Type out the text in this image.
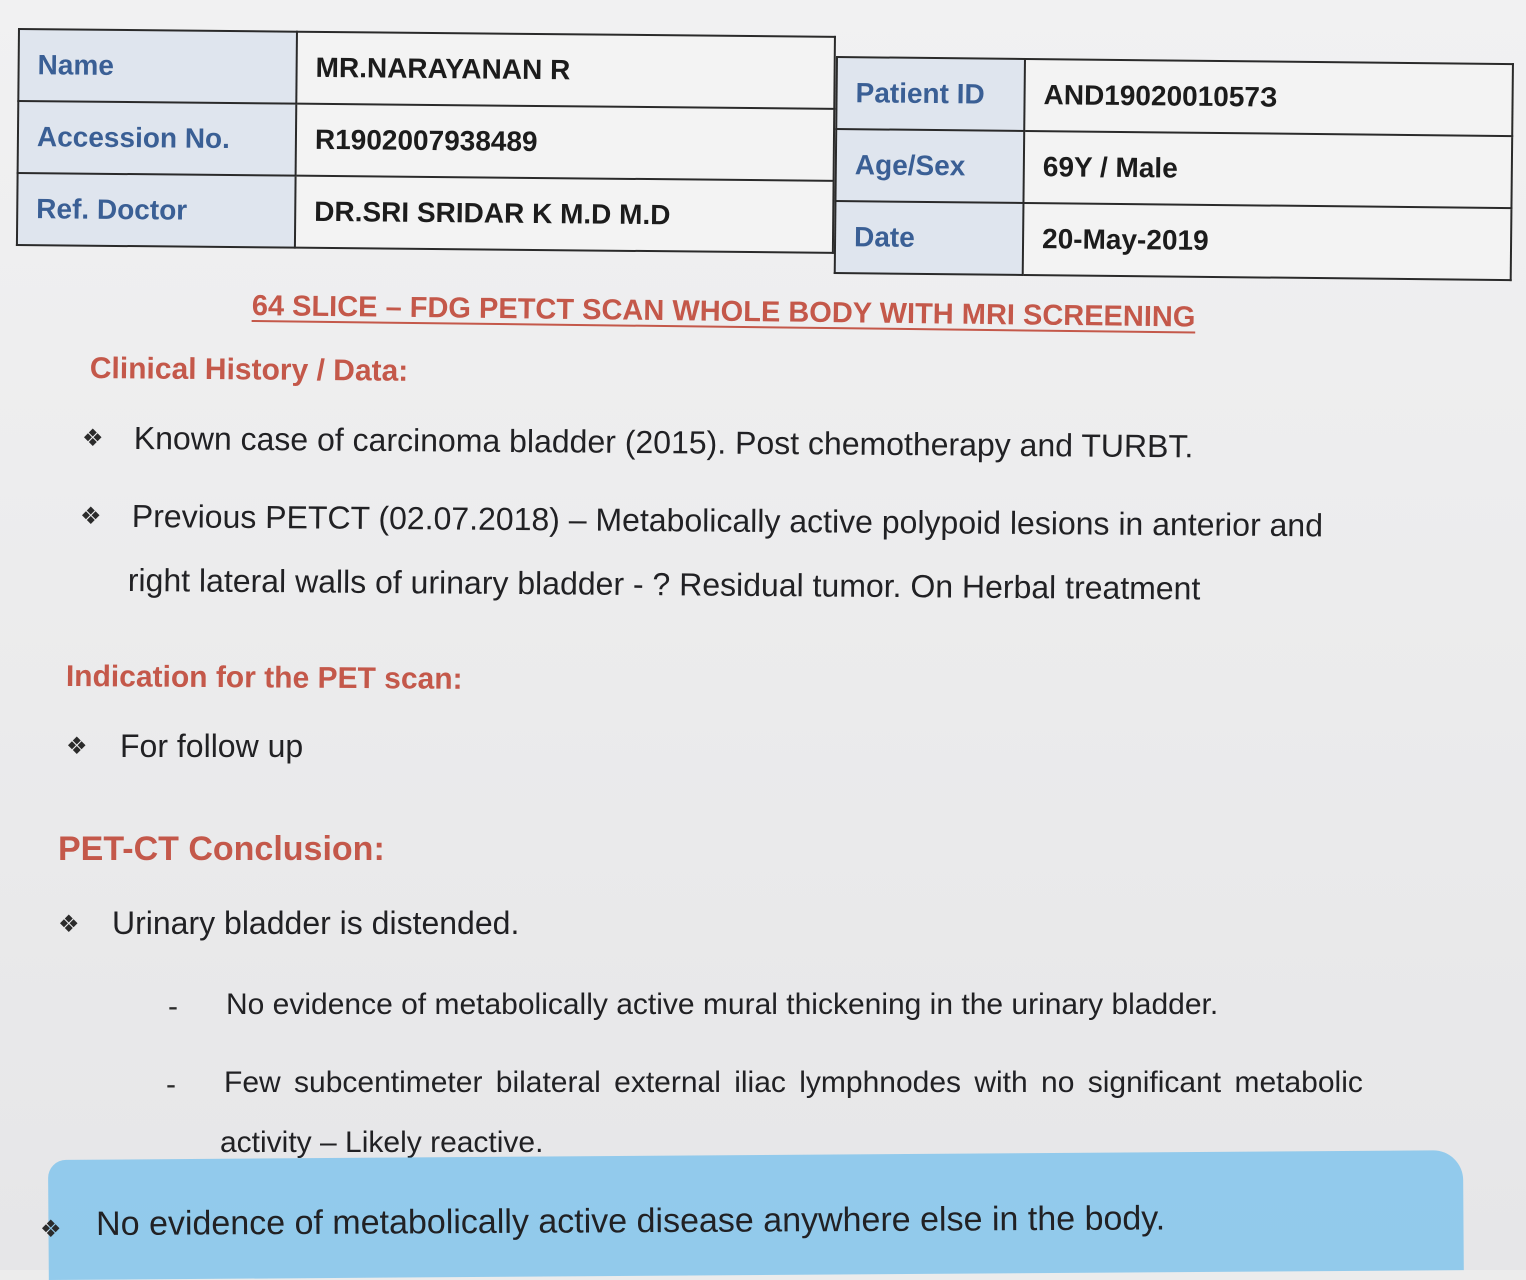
Name	MR.NARAYANAN R
Accession No.	R1902007938489
Ref. Doctor	DR.SRI SRIDAR K M.D M.D
Patient ID	AND1902001057З
Age/Sex	69Y / Male
Date	20-May-2019
64 SLICE – FDG PETCT SCAN WHOLE BODY WITH MRI SCREENING
Clinical History / Data:
❖ Known case of carcinoma bladder (2015). Post chemotherapy and TURBT.
❖ Previous PETCT (02.07.2018) – Metabolically active polypoid lesions in anterior and
right lateral walls of urinary bladder - ? Residual tumor. On Herbal treatment
Indication for the PET scan:
❖ For follow up
PET-CT Conclusion:
❖ Urinary bladder is distended.
- No evidence of metabolically active mural thickening in the urinary bladder.
- Few subcentimeter bilateral external iliac lymphnodes with no significant metabolic
activity – Likely reactive.
❖ No evidence of metabolically active disease anywhere else in the body.
